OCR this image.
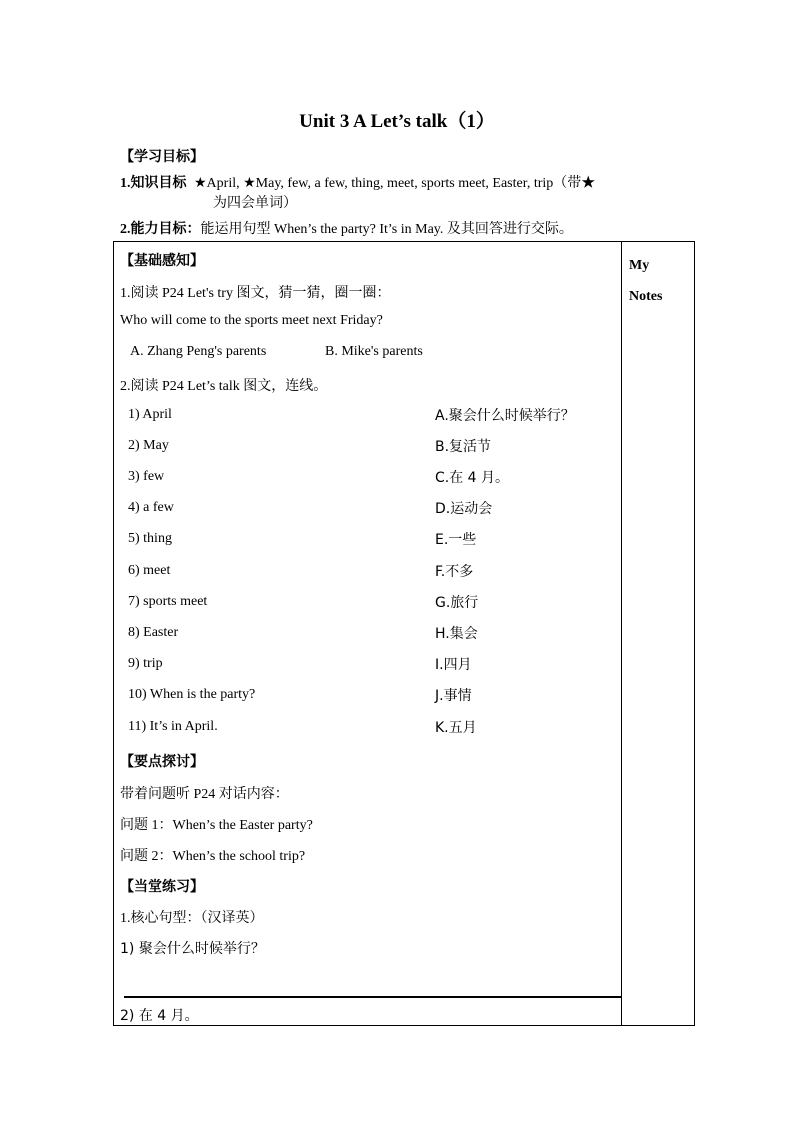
Unit 3 A Let’s talk（1）
【学习目标】
1.知识目标 ★April, ★May, few, a few, thing, meet, sports meet, Easter, trip（带★
为四会单词）
2.能力目标：能运用句型 When’s the party? It’s in May. 及其回答进行交际。
My
Notes
【基础感知】
1.阅读 P24 Let's try 图文，猜一猜，圈一圈：
Who will come to the sports meet next Friday?
A. Zhang Peng's parents	B. Mike's parents
2.阅读 P24 Let’s talk 图文，连线。
1) April
2) May
3) few
4) a few
5) thing
6) meet
7) sports meet
8) Easter
9) trip
10) When is the party?
11) It’s in April.
A.聚会什么时候举行？
B.复活节
C.在 4 月。
D.运动会
E.一些
F.不多
G.旅行
H.集会
I.四月
J.事情
K.五月
【要点探讨】
带着问题听 P24 对话内容：
问题 1：When’s the Easter party?
问题 2：When’s the school trip?
【当堂练习】
1.核心句型：（汉译英）
1) 聚会什么时候举行？
2) 在 4 月。
